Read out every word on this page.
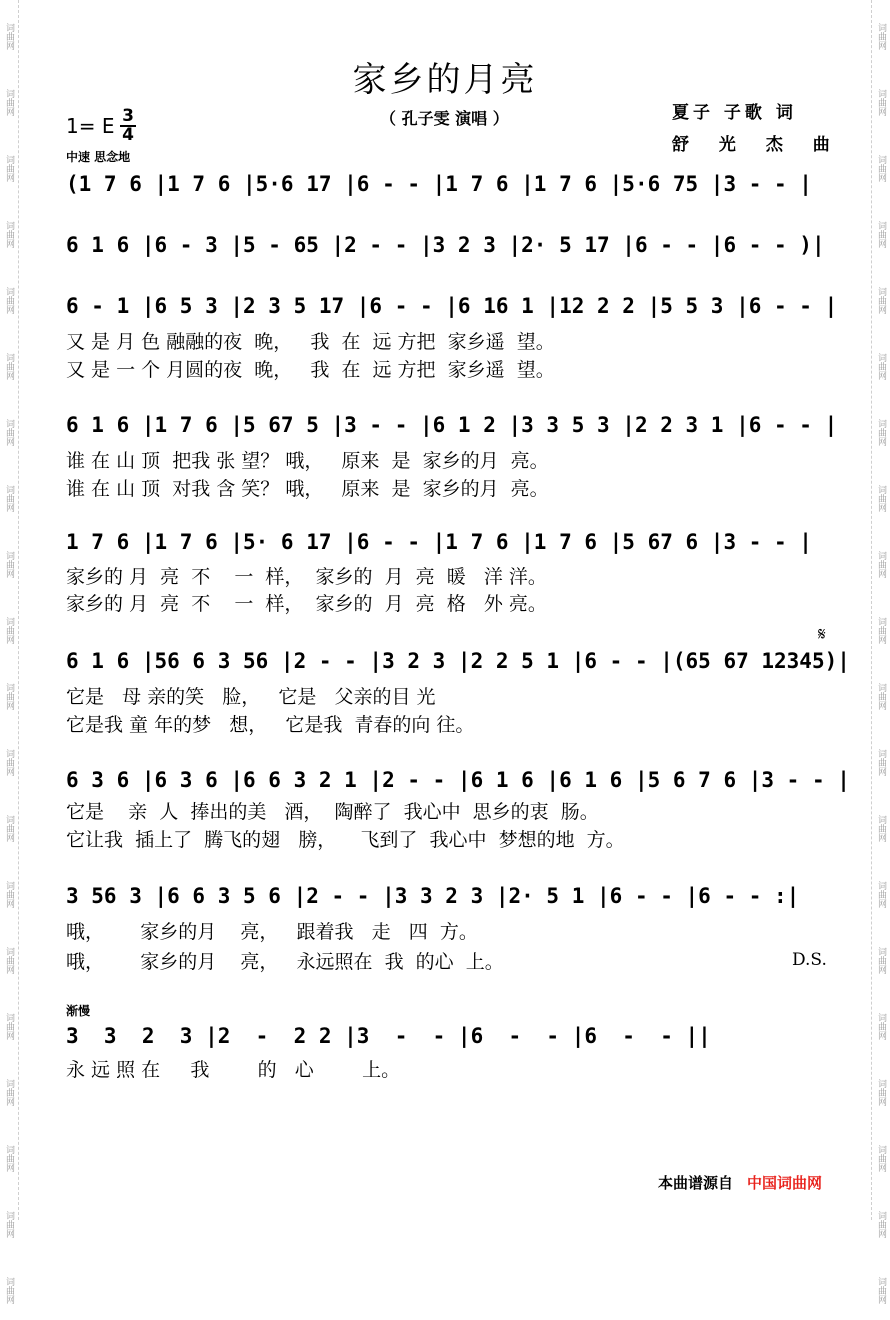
词曲网
词曲网
词曲网
词曲网
词曲网
词曲网
词曲网
词曲网
词曲网
词曲网
词曲网
词曲网
词曲网
词曲网
词曲网
词曲网
词曲网
词曲网
词曲网
词曲网
词曲网
词曲网
词曲网
词曲网
词曲网
词曲网
词曲网
词曲网
词曲网
词曲网
词曲网
词曲网
词曲网
词曲网
词曲网
词曲网
词曲网
词曲网
词曲网
词曲网
家乡的月亮
（ 孔子雯 演唱 ）	夏子 子歌 词
舒 光 杰 曲
1= E 3
4
中速 思念地
(1 7 6 |1 7 6 |5·6 17 |6 - - |1 7 6 |1 7 6 |5·6 75 |3 - - |
6 1 6 |6 - 3 |5 - 65 |2 - - |3 2 3 |2· 5 17 |6 - - |6 - - )|
6 - 1 |6 5 3 |2 3 5 17 |6 - - |6 16 1 |12 2 2 |5 5 3 |6 - - |
又 是 月 色 融融的夜  晚，   我  在  远 方把  家乡遥  望。
又 是 一 个 月圆的夜  晚，   我  在  远 方把  家乡遥  望。
6 1 6 |1 7 6 |5 67 5 |3 - - |6 1 2 |3 3 5 3 |2 2 3 1 |6 - - |
谁 在 山 顶  把我 张 望？ 哦，   原来  是  家乡的月  亮。
谁 在 山 顶  对我 含 笑？ 哦，   原来  是  家乡的月  亮。
1 7 6 |1 7 6 |5· 6 17 |6 - - |1 7 6 |1 7 6 |5 67 6 |3 - - |
家乡的 月  亮  不    一  样，  家乡的  月  亮  暖   洋 洋。
家乡的 月  亮  不    一  样，  家乡的  月  亮  格   外 亮。
6 1 6 |56 6 3 56 |2 - - |3 2 3 |2 2 5 1 |6 - - |(65 67 12345)|
𝄋
它是   母 亲的笑   脸，   它是   父亲的目 光
它是我 童 年的梦   想，   它是我  青春的向 往。
6 3 6 |6 3 6 |6 6 3 2 1 |2 - - |6 1 6 |6 1 6 |5 6 7 6 |3 - - |
它是    亲  人  捧出的美   酒，  陶醉了  我心中  思乡的衷  肠。
它让我  插上了  腾飞的翅   膀，    飞到了  我心中  梦想的地  方。
3 56 3 |6 6 3 5 6 |2 - - |3 3 2 3 |2· 5 1 |6 - - |6 - - :|
哦，      家乡的月    亮，   跟着我   走   四  方。
哦，      家乡的月    亮，   永远照在  我  的心  上。	D.S.
渐慢
3  3  2  3 |2  -  2 2 |3  -  - |6  -  - |6  -  - ||
永 远 照 在     我        的   心        上。
本曲谱源自 中国词曲网
